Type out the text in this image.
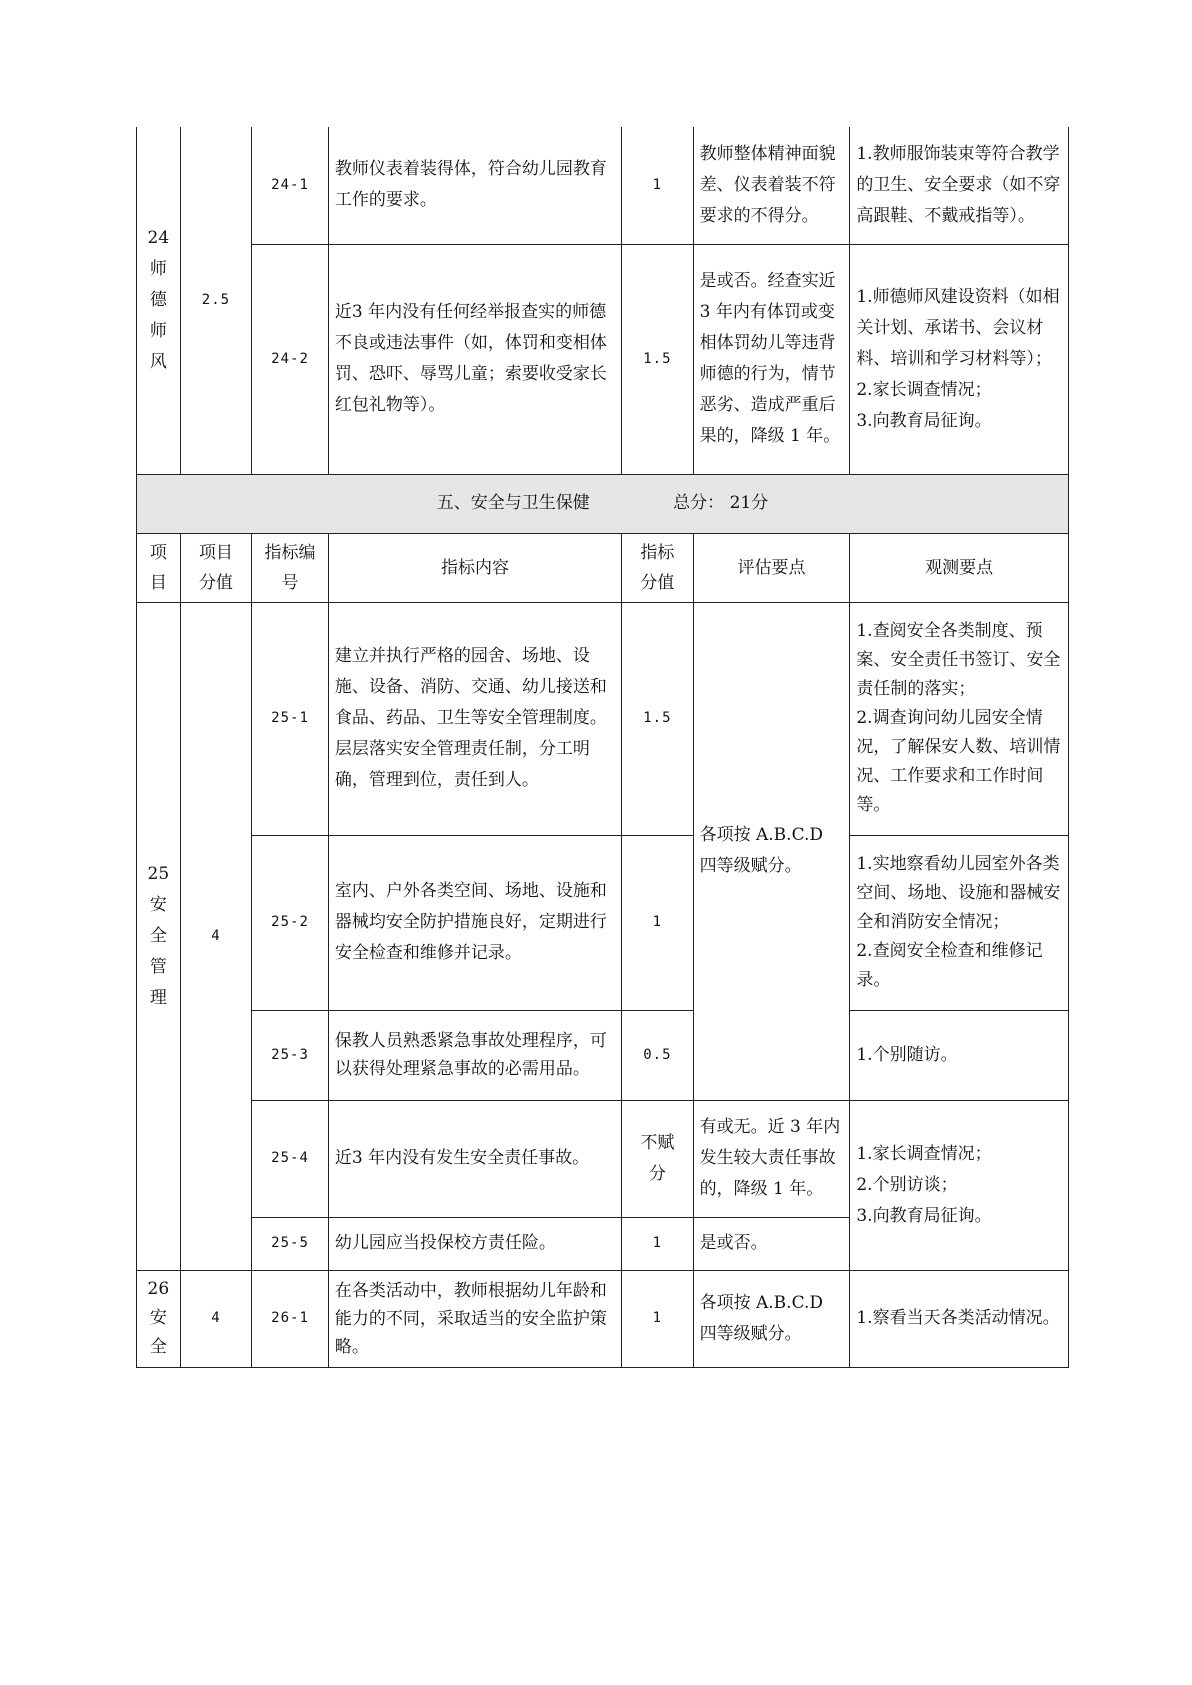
24
师
德
师
风	2.5	24-1	教师仪表着装得体，符合幼儿园教育工作的要求。	1	教师整体精神面貌差、仪表着装不符要求的不得分。	1.教师服饰装束等符合教学的卫生、安全要求（如不穿高跟鞋、不戴戒指等）。
		24-2	近3 年内没有任何经举报查实的师德不良或违法事件（如，体罚和变相体罚、恐吓、辱骂儿童；索要收受家长红包礼物等）。	1.5	是或否。经查实近 3 年内有体罚或变相体罚幼儿等违背师德的行为，情节恶劣、造成严重后果的，降级 1 年。	1.师德师风建设资料（如相关计划、承诺书、会议材料、培训和学习材料等）；
2.家长调查情况；
3.向教育局征询。
五、安全与卫生保健 总分： 21分						
项
目	项目
分值	指标编
号	指标内容	指标
分值	评估要点	观测要点
25
安
全
管
理	4	25-1	建立并执行严格的园舍、场地、设施、设备、消防、交通、幼儿接送和食品、药品、卫生等安全管理制度。层层落实安全管理责任制，分工明确，管理到位，责任到人。	1.5	各项按 A.B.C.D 四等级赋分。	1.查阅安全各类制度、预案、安全责任书签订、安全责任制的落实；
2.调查询问幼儿园安全情况，了解保安人数、培训情况、工作要求和工作时间等。
		25-2	室内、户外各类空间、场地、设施和器械均安全防护措施良好，定期进行安全检查和维修并记录。	1		1.实地察看幼儿园室外各类空间、场地、设施和器械安全和消防安全情况；
2.查阅安全检查和维修记录。
		25-3	保教人员熟悉紧急事故处理程序，可以获得处理紧急事故的必需用品。	0.5		1.个别随访。
		25-4	近3 年内没有发生安全责任事故。	不赋
分	有或无。近 3 年内发生较大责任事故的，降级 1 年。	1.家长调查情况；
2.个别访谈；
3.向教育局征询。
		25-5	幼儿园应当投保校方责任险。	1	是或否。	
26
安
全	4	26-1	在各类活动中，教师根据幼儿年龄和能力的不同，采取适当的安全监护策略。	1	各项按 A.B.C.D 四等级赋分。	1.察看当天各类活动情况。
